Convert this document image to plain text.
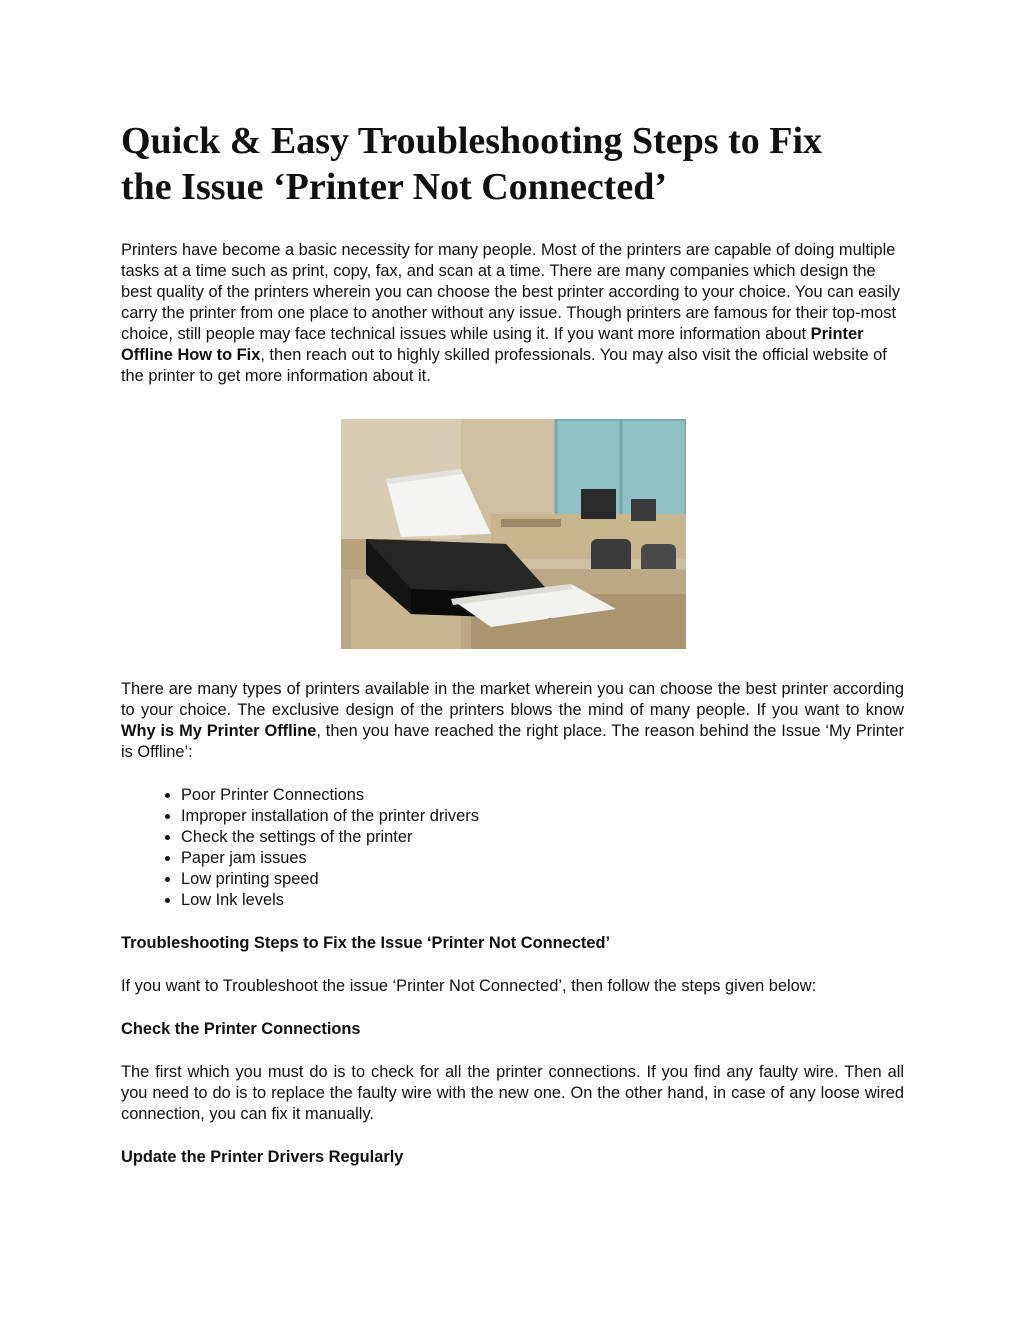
Quick & Easy Troubleshooting Steps to Fix the Issue ‘Printer Not Connected’

Printers have become a basic necessity for many people. Most of the printers are capable of doing multiple tasks at a time such as print, copy, fax, and scan at a time. There are many companies which design the best quality of the printers wherein you can choose the best printer according to your choice. You can easily carry the printer from one place to another without any issue. Though printers are famous for their top-most choice, still people may face technical issues while using it. If you want more information about Printer Offline How to Fix, then reach out to highly skilled professionals. You may also visit the official website of the printer to get more information about it.

There are many types of printers available in the market wherein you can choose the best printer according to your choice. The exclusive design of the printers blows the mind of many people. If you want to know Why is My Printer Offline, then you have reached the right place. The reason behind the Issue ‘My Printer is Offline’:

• Poor Printer Connections
• Improper installation of the printer drivers
• Check the settings of the printer
• Paper jam issues
• Low printing speed
• Low Ink levels
Troubleshooting Steps to Fix the Issue ‘Printer Not Connected’

If you want to Troubleshoot the issue ‘Printer Not Connected’, then follow the steps given below:

Check the Printer Connections

The first which you must do is to check for all the printer connections. If you find any faulty wire. Then all you need to do is to replace the faulty wire with the new one. On the other hand, in case of any loose wired connection, you can fix it manually.

Update the Printer Drivers Regularly
